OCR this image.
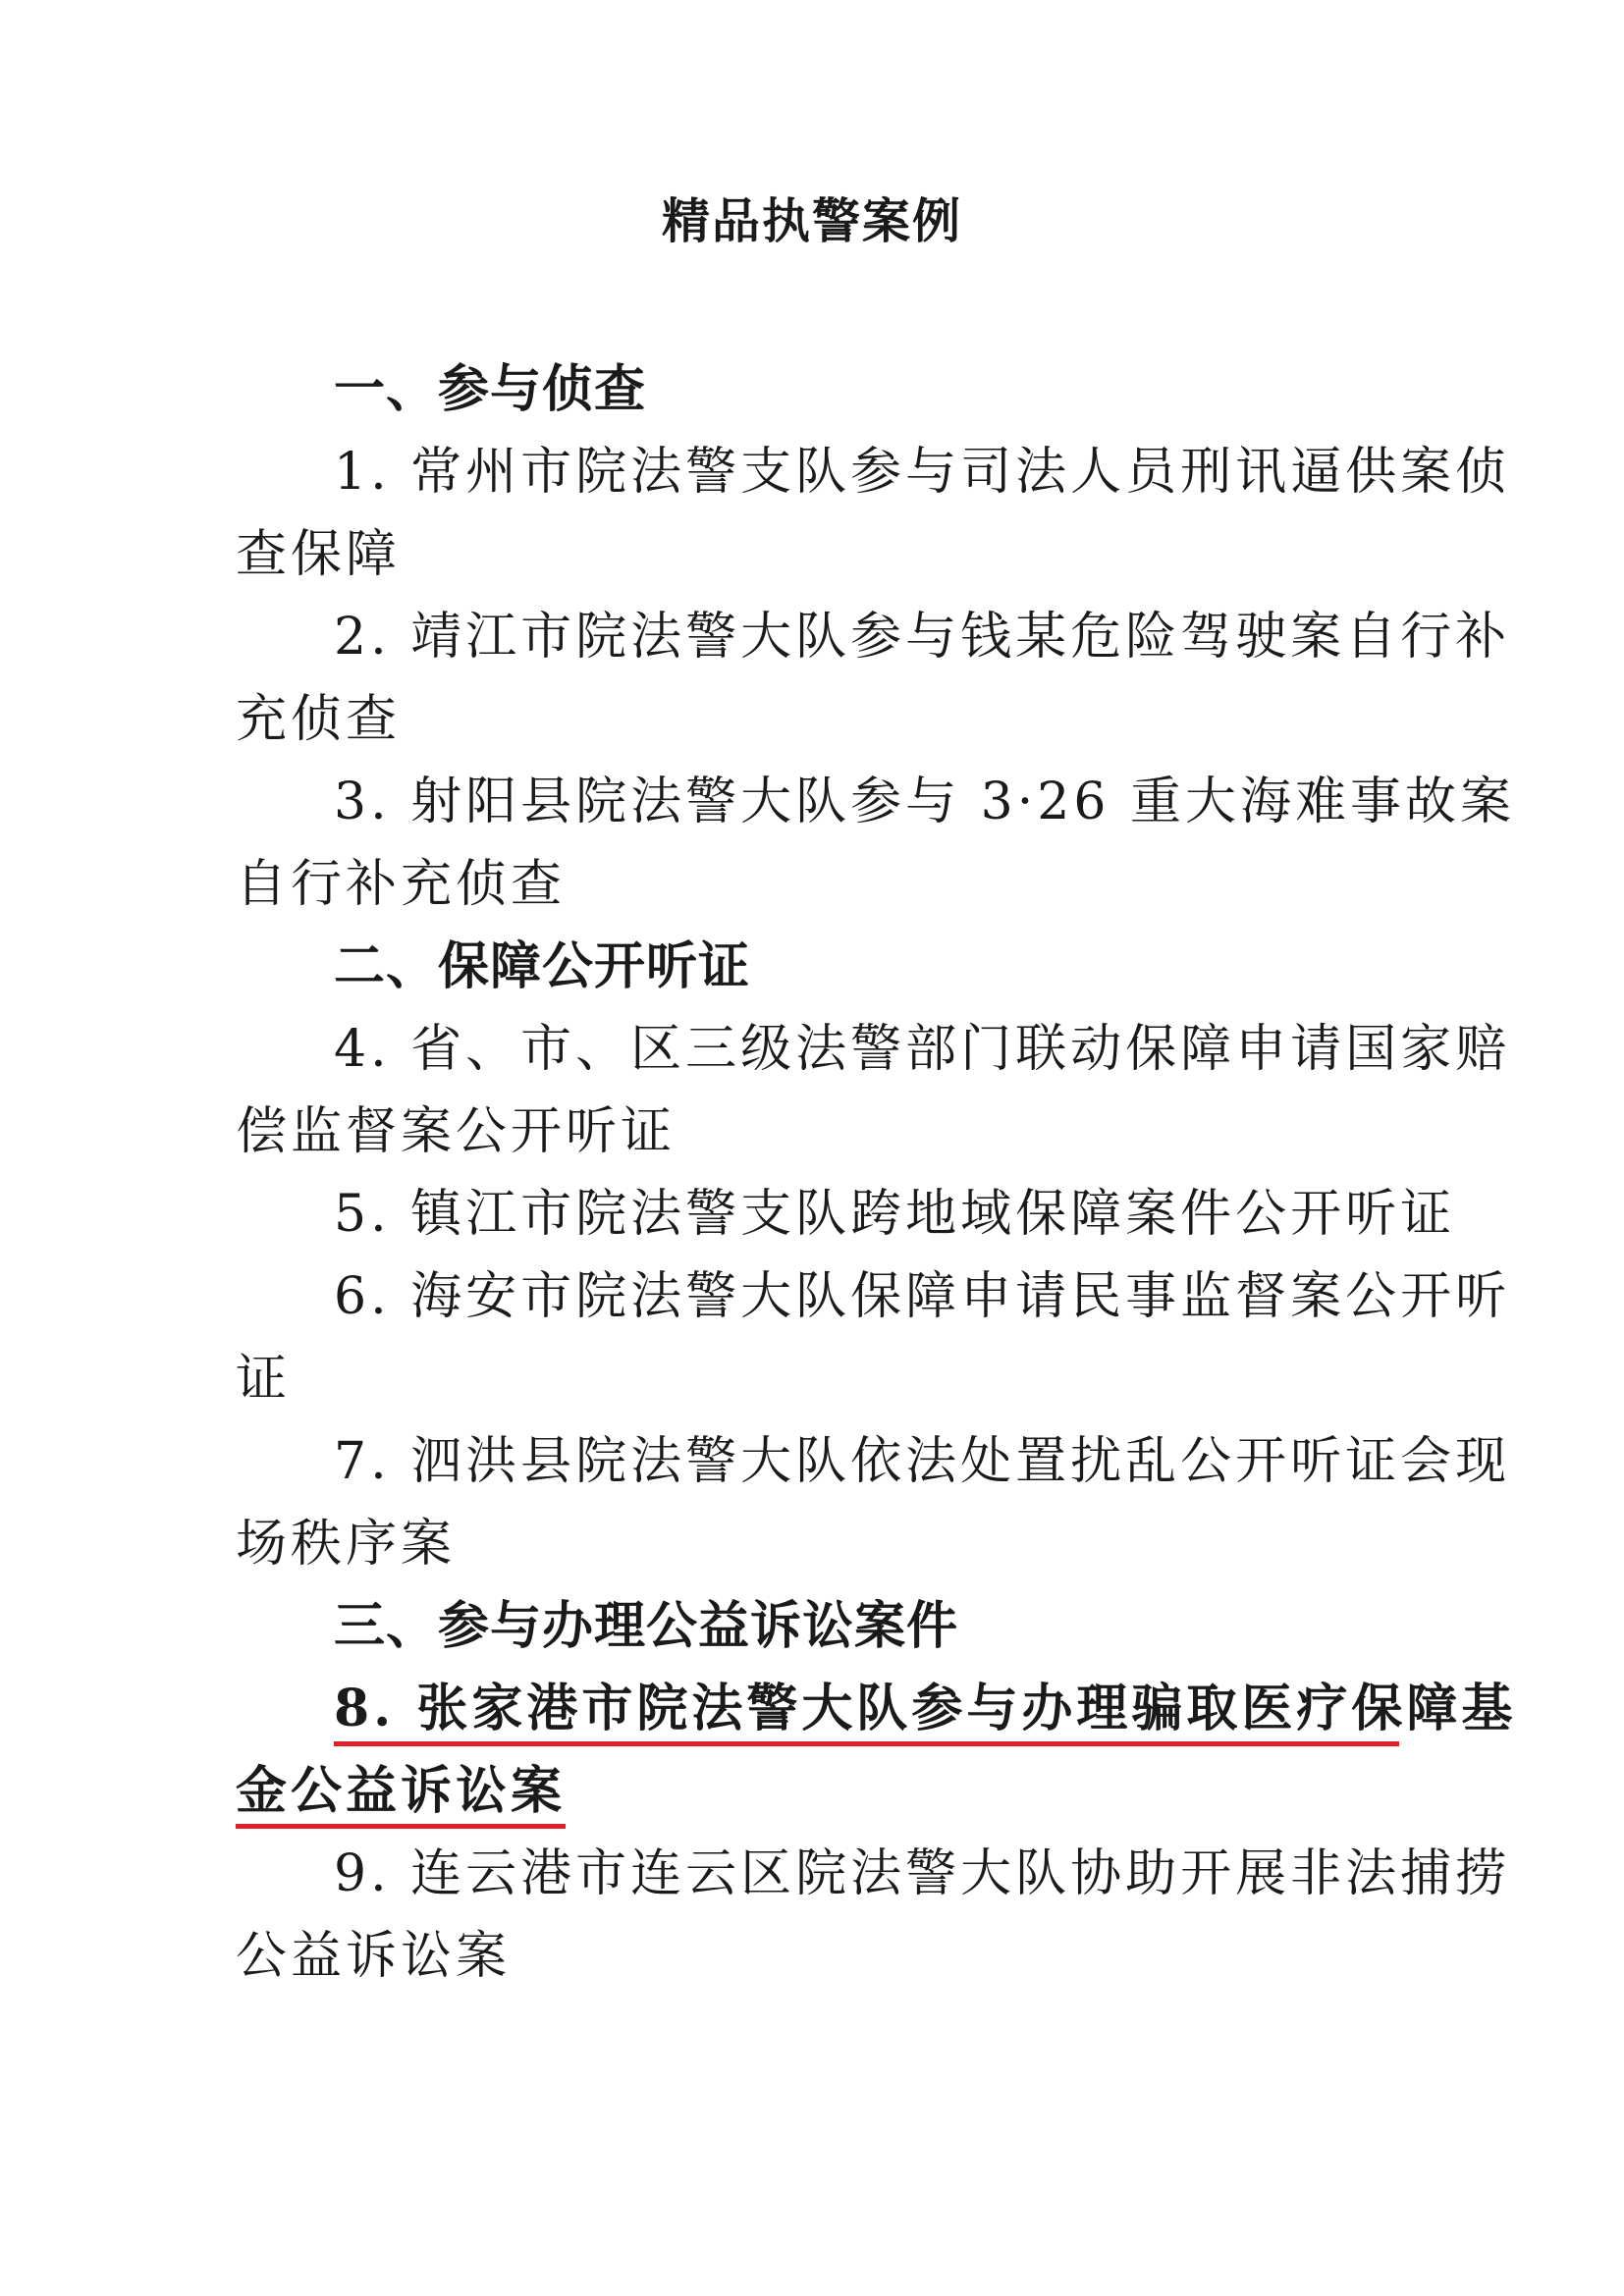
精品执警案例
一、参与侦查
1. 常州市院法警支队参与司法人员刑讯逼供案侦
查保障
2. 靖江市院法警大队参与钱某危险驾驶案自行补
充侦查
3. 射阳县院法警大队参与 3·26 重大海难事故案
自行补充侦查
二、保障公开听证
4. 省、市、区三级法警部门联动保障申请国家赔
偿监督案公开听证
5. 镇江市院法警支队跨地域保障案件公开听证
6. 海安市院法警大队保障申请民事监督案公开听
证
7. 泗洪县院法警大队依法处置扰乱公开听证会现
场秩序案
三、参与办理公益诉讼案件
8. 张家港市院法警大队参与办理骗取医疗保障基
金公益诉讼案
9. 连云港市连云区院法警大队协助开展非法捕捞
公益诉讼案
